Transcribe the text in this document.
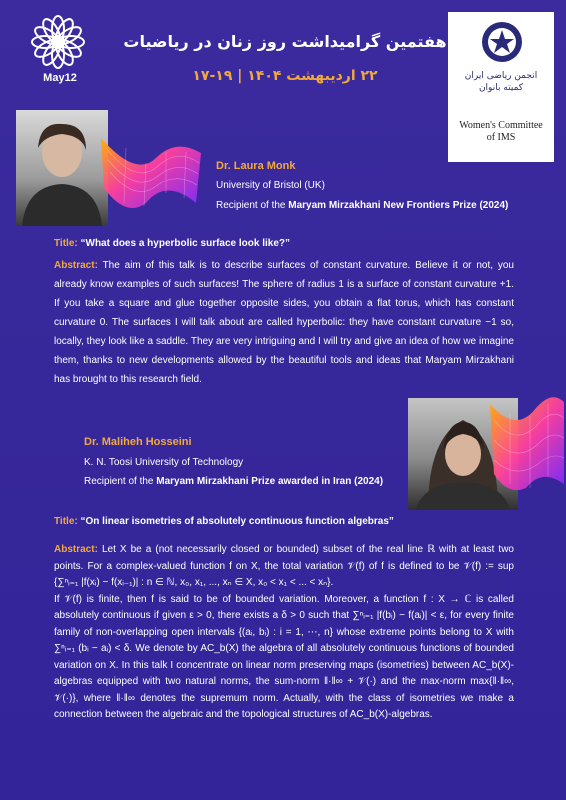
May12
هفتمین گرامیداشت روز زنان در ریاضیات
۲۲ اردیبهشت ۱۴۰۴ | ۱۹-۱۷	انجمن ریاضی ایران
کمیته بانوان
Women's Committee
of IMS
Dr. Laura Monk
University of Bristol (UK)
Recipient of the Maryam Mirzakhani New Frontiers Prize (2024)
Title: “What does a hyperbolic surface look like?”
Abstract: The aim of this talk is to describe surfaces of constant curvature. Believe it or not, you already know examples of such surfaces! The sphere of radius 1 is a surface of constant curvature +1. If you take a square and glue together opposite sides, you obtain a flat torus, which has constant curvature 0. The surfaces I will talk about are called hyperbolic: they have constant curvature −1 so, locally, they look like a saddle. They are very intriguing and I will try and give an idea of how we imagine them, thanks to new developments allowed by the beautiful tools and ideas that Maryam Mirzakhani has brought to this research field.
Dr. Maliheh Hosseini
K. N. Toosi University of Technology
Recipient of the Maryam Mirzakhani Prize awarded in Iran (2024)
Title: “On linear isometries of absolutely continuous function algebras”

Abstract: Let X be a (not necessarily closed or bounded) subset of the real line ℝ with at least two points. For a complex-valued function f on X, the total variation 𝒱(f) of f is defined to be 𝒱(f) := sup {∑ⁿᵢ₌₁ |f(xᵢ) − f(xᵢ₋₁)| : n ∈ ℕ, x₀, x₁, ..., xₙ ∈ X, x₀ < x₁ < ... < xₙ}.

If 𝒱(f) is finite, then f is said to be of bounded variation. Moreover, a function f : X → ℂ is called absolutely continuous if given ε > 0, there exists a δ > 0 such that ∑ⁿᵢ₌₁ |f(bᵢ) − f(aᵢ)| < ε, for every finite family of non-overlapping open intervals {(aᵢ, bᵢ) : i = 1, ⋯, n} whose extreme points belong to X with ∑ⁿᵢ₌₁ (bᵢ − aᵢ) < δ. We denote by AC_b(X) the algebra of all absolutely continuous functions of bounded variation on X. In this talk I concentrate on linear norm preserving maps (isometries) between AC_b(X)-algebras equipped with two natural norms, the sum-norm ‖·‖∞ + 𝒱(·) and the max-norm max{‖·‖∞, 𝒱(·)}, where ‖·‖∞ denotes the supremum norm. Actually, with the class of isometries we make a connection between the algebraic and the topological structures of AC_b(X)-algebras.
